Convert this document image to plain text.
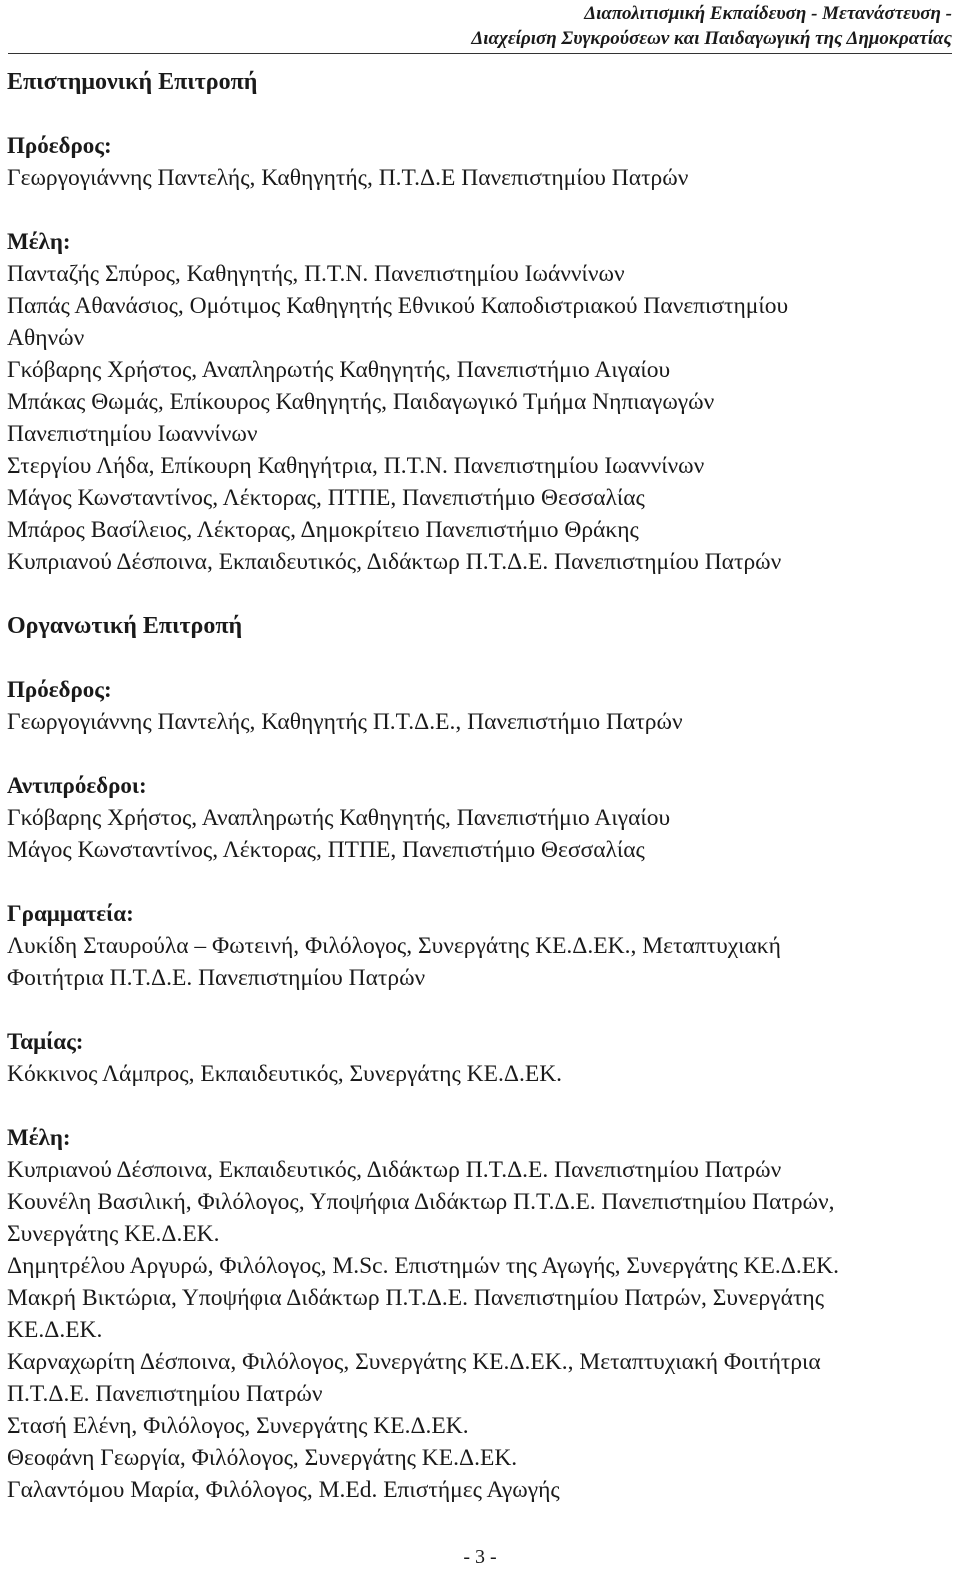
Διαπολιτισμική Εκπαίδευση - Μετανάστευση -
Διαχείριση Συγκρούσεων και Παιδαγωγική της Δημοκρατίας

Επιστημονική Επιτροπή

Πρόεδρος:

Γεωργογιάννης Παντελής, Καθηγητής, Π.Τ.Δ.Ε Πανεπιστημίου Πατρών

Μέλη:

Πανταζής Σπύρος, Καθηγητής, Π.Τ.Ν. Πανεπιστημίου Ιωάννίνων

Παπάς Αθανάσιος, Ομότιμος Καθηγητής Εθνικού Καποδιστριακού Πανεπιστημίου

Αθηνών

Γκόβαρης Χρήστος, Αναπληρωτής Καθηγητής, Πανεπιστήμιο Αιγαίου

Μπάκας Θωμάς, Επίκουρος Καθηγητής, Παιδαγωγικό Τμήμα Νηπιαγωγών

Πανεπιστημίου Ιωαννίνων

Στεργίου Λήδα, Επίκουρη Καθηγήτρια, Π.Τ.Ν. Πανεπιστημίου Ιωαννίνων

Μάγος Κωνσταντίνος, Λέκτορας, ΠΤΠΕ, Πανεπιστήμιο Θεσσαλίας

Μπάρος Βασίλειος, Λέκτορας, Δημοκρίτειο Πανεπιστήμιο Θράκης

Κυπριανού Δέσποινα, Εκπαιδευτικός, Διδάκτωρ Π.Τ.Δ.Ε. Πανεπιστημίου Πατρών

Οργανωτική Επιτροπή

Πρόεδρος:

Γεωργογιάννης Παντελής, Καθηγητής Π.Τ.Δ.Ε., Πανεπιστήμιο Πατρών

Αντιπρόεδροι:

Γκόβαρης Χρήστος, Αναπληρωτής Καθηγητής, Πανεπιστήμιο Αιγαίου

Μάγος Κωνσταντίνος, Λέκτορας, ΠΤΠΕ, Πανεπιστήμιο Θεσσαλίας

Γραμματεία:

Λυκίδη Σταυρούλα – Φωτεινή, Φιλόλογος, Συνεργάτης ΚΕ.Δ.ΕΚ., Μεταπτυχιακή

Φοιτήτρια Π.Τ.Δ.Ε. Πανεπιστημίου Πατρών

Ταμίας:

Κόκκινος Λάμπρος, Εκπαιδευτικός, Συνεργάτης ΚΕ.Δ.ΕΚ.

Μέλη:

Κυπριανού Δέσποινα, Εκπαιδευτικός, Διδάκτωρ Π.Τ.Δ.Ε. Πανεπιστημίου Πατρών

Κουνέλη Βασιλική, Φιλόλογος, Υποψήφια Διδάκτωρ Π.Τ.Δ.Ε. Πανεπιστημίου Πατρών,

Συνεργάτης ΚΕ.Δ.ΕΚ.

Δημητρέλου Αργυρώ, Φιλόλογος, M.Sc. Επιστημών της Αγωγής, Συνεργάτης ΚΕ.Δ.ΕΚ.

Μακρή Βικτώρια, Υποψήφια Διδάκτωρ Π.Τ.Δ.Ε. Πανεπιστημίου Πατρών, Συνεργάτης

ΚΕ.Δ.ΕΚ.

Καρναχωρίτη Δέσποινα, Φιλόλογος, Συνεργάτης ΚΕ.Δ.ΕΚ., Μεταπτυχιακή Φοιτήτρια

Π.Τ.Δ.Ε. Πανεπιστημίου Πατρών

Στασή Ελένη, Φιλόλογος, Συνεργάτης ΚΕ.Δ.ΕΚ.

Θεοφάνη Γεωργία, Φιλόλογος, Συνεργάτης ΚΕ.Δ.ΕΚ.

Γαλαντόμου Μαρία, Φιλόλογος, M.Ed. Επιστήμες Αγωγής

- 3 -
